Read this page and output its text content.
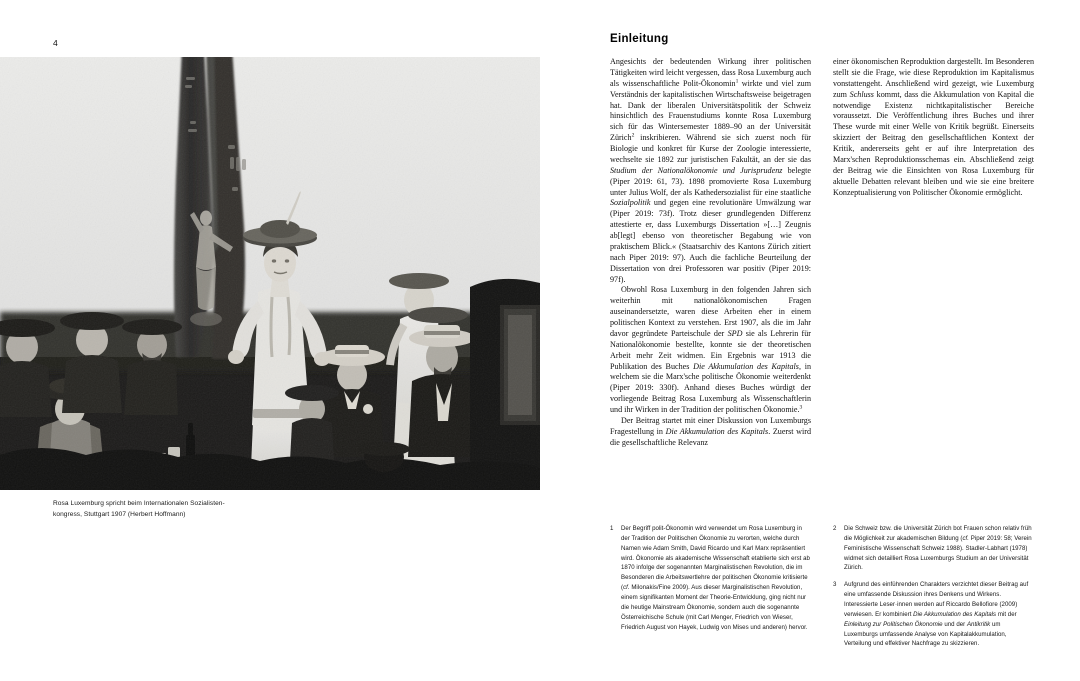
4
Rosa Luxemburg spricht beim Internationalen Sozialisten-
kongress, Stuttgart 1907 (Herbert Hoffmann)
Einleitung

Angesichts der bedeutenden Wirkung ihrer politischen Tätigkeiten wird leicht vergessen, dass Rosa Luxemburg auch als wissenschaftliche Polit-Ökonomin$^1$ wirkte und viel zum Verständnis der kapitalistischen Wirtschaftsweise beigetragen hat. Dank der liberalen Universitätspolitik der Schweiz hinsichtlich des Frauenstudiums konnte Rosa Luxemburg sich für das Wintersemester 1889–90 an der Universität Zürich$^2$ inskribieren. Während sie sich zuerst noch für Biologie und konkret für Kurse der Zoologie interessierte, wechselte sie 1892 zur juristischen Fakultät, an der sie das Studium der Nationalökonomie und Jurisprudenz belegte (Piper 2019: 61, 73). 1898 promovierte Rosa Luxemburg unter Julius Wolf, der als Kathedersozialist für eine staatliche Sozialpolitik und gegen eine revolutionäre Umwälzung war (Piper 2019: 73f). Trotz dieser grundlegenden Differenz attestierte er, dass Luxemburgs Dissertation »[…] Zeugnis ab[legt] ebenso von theoretischer Begabung wie von praktischem Blick.« (Staatsarchiv des Kantons Zürich zitiert nach Piper 2019: 97). Auch die fachliche Beurteilung der Dissertation von drei Professoren war positiv (Piper 2019: 97f).

Obwohl Rosa Luxemburg in den folgenden Jahren sich weiterhin mit nationalökonomischen Fragen auseinandersetzte, waren diese Arbeiten eher in einem politischen Kontext zu verstehen. Erst 1907, als die im Jahr davor gegründete Parteischule der SPD sie als Lehrerin für Nationalökonomie bestellte, konnte sie der theoretischen Arbeit mehr Zeit widmen. Ein Ergebnis war 1913 die Publikation des Buches Die Akkumulation des Kapitals, in welchem sie die Marx'sche politische Ökonomie weiterdenkt (Piper 2019: 330f). Anhand dieses Buches würdigt der vorliegende Beitrag Rosa Luxemburg als Wissenschaftlerin und ihr Wirken in der Tradition der politischen Ökonomie.$^3$

Der Beitrag startet mit einer Diskussion von Luxemburgs Fragestellung in Die Akkumulation des Kapitals. Zuerst wird die gesellschaftliche Relevanz

einer ökonomischen Reproduktion dargestellt. Im Besonderen stellt sie die Frage, wie diese Reproduktion im Kapitalismus vonstattengeht. Anschließend wird gezeigt, wie Luxemburg zum Schluss kommt, dass die Akkumulation von Kapital die notwendige Existenz nichtkapitalistischer Bereiche voraussetzt. Die Veröffentlichung ihres Buches und ihrer These wurde mit einer Welle von Kritik begrüßt. Einerseits skizziert der Beitrag den gesellschaftlichen Kontext der Kritik, andererseits geht er auf ihre Interpretation des Marx'schen Reproduktionsschemas ein. Abschließend zeigt der Beitrag wie die Einsichten von Rosa Luxemburg für aktuelle Debatten relevant bleiben und wie sie eine breitere Konzeptualisierung von Politischer Ökonomie ermöglicht.

1	Der Begriff polit-Ökonomin wird verwendet um Rosa Luxemburg in der Tradition der Politischen Ökonomie zu verorten, welche durch Namen wie Adam Smith, David Ricardo und Karl Marx repräsentiert wird. Ökonomie als akademische Wissenschaft etablierte sich erst ab 1870 infolge der sogenannten Marginalistischen Revolution, die im Besonderen die Arbeitswertlehre der politischen Ökonomie kritisierte (cf. Milonakis/Fine 2009). Aus dieser Marginalistischen Revolution, einem signifikanten Moment der Theorie-Entwicklung, ging nicht nur die heutige Mainstream Ökonomie, sondern auch die sogenannte Österreichische Schule (mit Carl Menger, Friedrich von Wieser, Friedrich August von Hayek, Ludwig von Mises und anderen) hervor.
2	Die Schweiz bzw. die Universität Zürich bot Frauen schon relativ früh die Möglichkeit zur akademischen Bildung (cf. Piper 2019: 58; Verein Feministische Wissenschaft Schweiz 1988). Stadler-Labhart (1978) widmet sich detailliert Rosa Luxemburgs Studium an der Universität Zürich.
3	Aufgrund des einführenden Charakters verzichtet dieser Beitrag auf eine umfassende Diskussion ihres Denkens und Wirkens. Interessierte Leser·innen werden auf Riccardo Bellofiore (2009) verwiesen. Er kombiniert Die Akkumulation des Kapitals mit der Einleitung zur Politischen Ökonomie und der Antikritik um Luxemburgs umfassende Analyse von Kapitalakkumulation, Verteilung und effektiver Nachfrage zu skizzieren.
